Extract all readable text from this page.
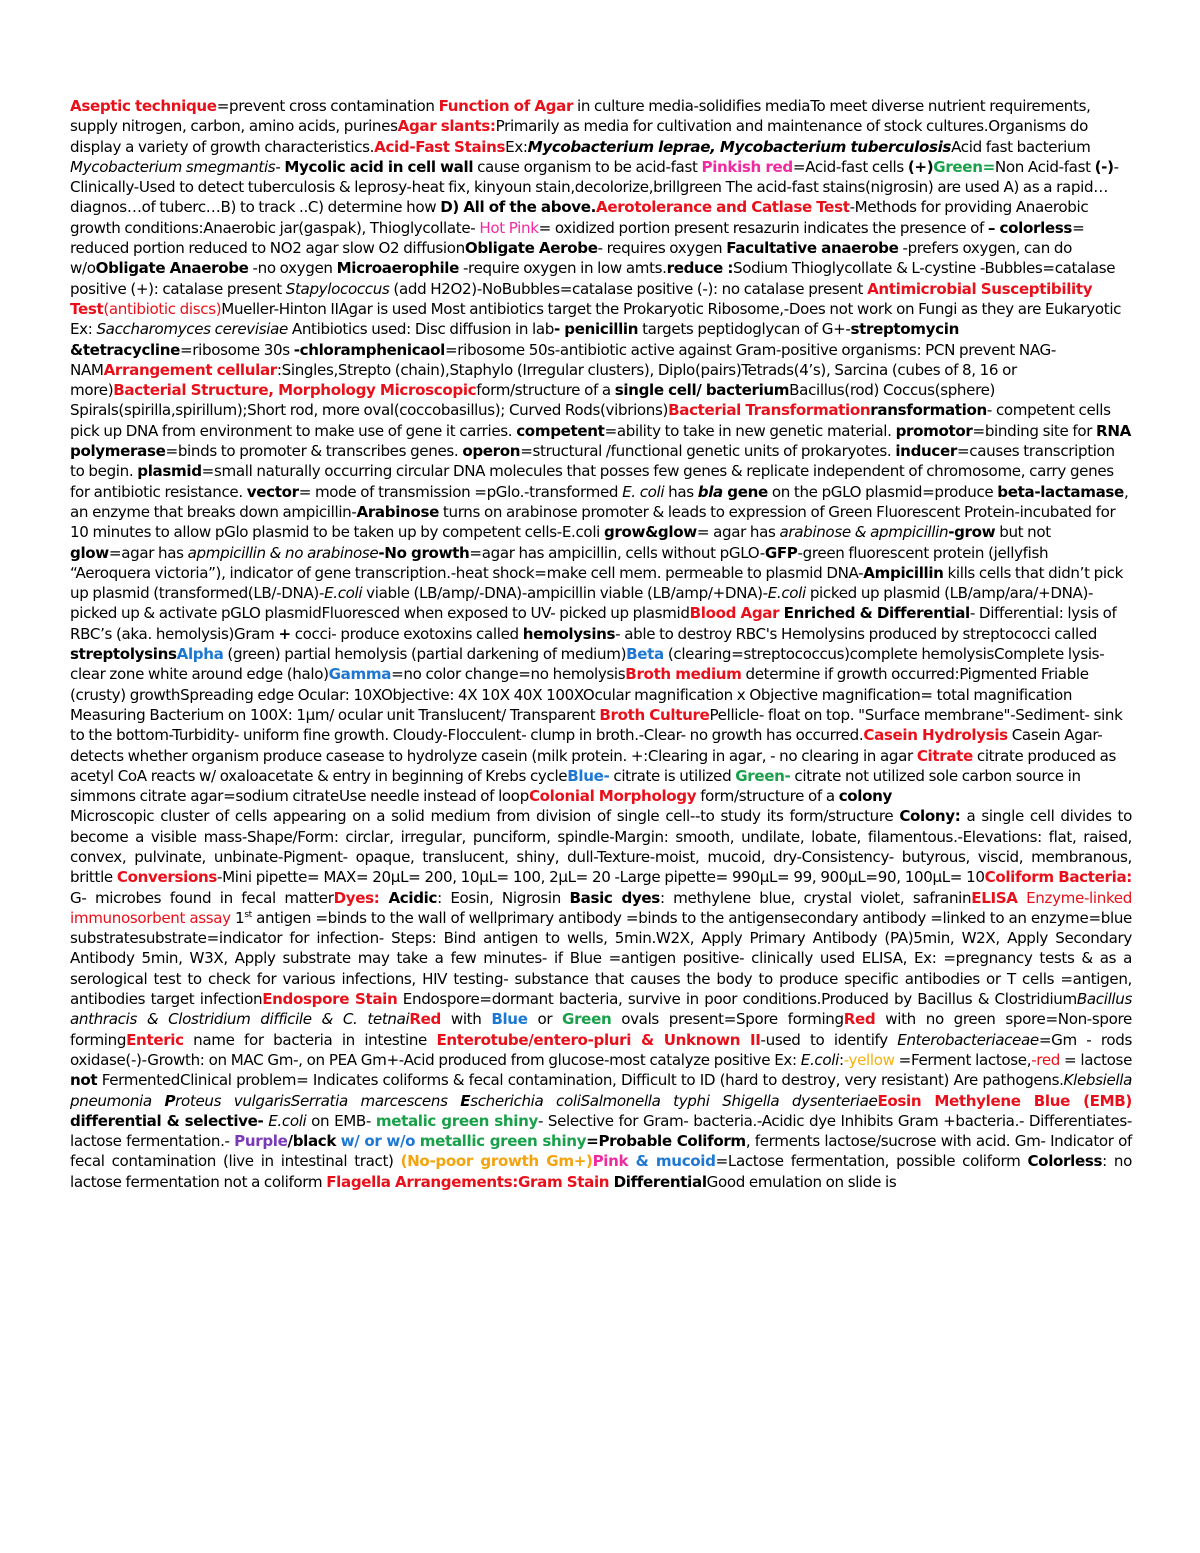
Aseptic technique=prevent cross contamination Function of Agar in culture media-solidifies mediaTo meet diverse nutrient requirements, supply nitrogen, carbon, amino acids, purinesAgar slants:Primarily as media for cultivation and maintenance of stock cultures.Organisms do display a variety of growth characteristics.Acid-Fast StainsEx:Mycobacterium leprae, Mycobacterium tuberculosisAcid fast bacterium Mycobacterium smegmantis- Mycolic acid in cell wall cause organism to be acid-fast Pinkish red=Acid-fast cells (+)Green=Non Acid-fast (-)-Clinically-Used to detect tuberculosis & leprosy-heat fix, kinyoun stain,decolorize,brillgreen The acid-fast stains(nigrosin) are used A) as a rapid… diagnos…of tuberc…B) to track ..C) determine how D) All of the above.Aerotolerance and Catlase Test-Methods for providing Anaerobic growth conditions:Anaerobic jar(gaspak), Thioglycollate- Hot Pink= oxidized portion present resazurin indicates the presence of – colorless= reduced portion reduced to NO2 agar slow O2 diffusionObligate Aerobe- requires oxygen Facultative anaerobe -prefers oxygen, can do w/oObligate Anaerobe -no oxygen Microaerophile -require oxygen in low amts.reduce :Sodium Thioglycollate & L-cystine -Bubbles=catalase positive (+): catalase present Stapylococcus (add H2O2)-NoBubbles=catalase positive (-): no catalase present Antimicrobial Susceptibility Test(antibiotic discs)Mueller-Hinton IIAgar is used Most antibiotics target the Prokaryotic Ribosome,-Does not work on Fungi as they are Eukaryotic Ex: Saccharomyces cerevisiae Antibiotics used: Disc diffusion in lab- penicillin targets peptidoglycan of G+-streptomycin &tetracycline=ribosome 30s -chloramphenicaol=ribosome 50s-antibiotic active against Gram-positive organisms: PCN prevent NAG-NAMArrangement cellular:Singles,Strepto (chain),Staphylo (Irregular clusters), Diplo(pairs)Tetrads(4’s), Sarcina (cubes of 8, 16 or more)Bacterial Structure, Morphology Microscopicform/structure of a single cell/ bacteriumBacillus(rod) Coccus(sphere) Spirals(spirilla,spirillum);Short rod, more oval(coccobasillus); Curved Rods(vibrions)Bacterial Transformationransformation- competent cells pick up DNA from environment to make use of gene it carries. competent=ability to take in new genetic material. promotor=binding site for RNA polymerase=binds to promoter & transcribes genes. operon=structural /functional genetic units of prokaryotes. inducer=causes transcription to begin. plasmid=small naturally occurring circular DNA molecules that posses few genes & replicate independent of chromosome, carry genes for antibiotic resistance. vector= mode of transmission =pGlo.-transformed E. coli has bla gene on the pGLO plasmid=produce beta-lactamase, an enzyme that breaks down ampicillin-Arabinose turns on arabinose promoter & leads to expression of Green Fluorescent Protein-incubated for 10 minutes to allow pGlo plasmid to be taken up by competent cells-E.coli grow&glow= agar has arabinose & apmpicillin-grow but not glow=agar has apmpicillin & no arabinose-No growth=agar has ampicillin, cells without pGLO-GFP-green fluorescent protein (jellyfish “Aeroquera victoria”), indicator of gene transcription.-heat shock=make cell mem. permeable to plasmid DNA-Ampicillin kills cells that didn’t pick up plasmid (transformed(LB/-DNA)-E.coli viable (LB/amp/-DNA)-ampicillin viable (LB/amp/+DNA)-E.coli picked up plasmid (LB/amp/ara/+DNA)-picked up & activate pGLO plasmidFluoresced when exposed to UV- picked up plasmidBlood Agar Enriched & Differential- Differential: lysis of RBC’s (aka. hemolysis)Gram + cocci- produce exotoxins called hemolysins- able to destroy RBC's Hemolysins produced by streptococci called streptolysinsAlpha (green) partial hemolysis (partial darkening of medium)Beta (clearing=streptococcus)complete hemolysisComplete lysis-clear zone white around edge (halo)Gamma=no color change=no hemolysisBroth medium determine if growth occurred:Pigmented Friable (crusty) growthSpreading edge Ocular: 10XObjective: 4X 10X 40X 100XOcular magnification x Objective magnification= total magnification Measuring Bacterium on 100X: 1μm/ ocular unit Translucent/ Transparent Broth CulturePellicle- float on top. "Surface membrane"-Sediment- sink to the bottom-Turbidity- uniform fine growth. Cloudy-Flocculent- clump in broth.-Clear- no growth has occurred.Casein Hydrolysis Casein Agar- detects whether organism produce casease to hydrolyze casein (milk protein. +:Clearing in agar, - no clearing in agar Citrate citrate produced as acetyl CoA reacts w/ oxaloacetate & entry in beginning of Krebs cycleBlue- citrate is utilized Green- citrate not utilized sole carbon source in simmons citrate agar=sodium citrateUse needle instead of loopColonial Morphology form/structure of a colony
Microscopic cluster of cells appearing on a solid medium from division of single cell--to study its form/structure Colony: a single cell divides to become a visible mass-Shape/Form: circlar, irregular, punciform, spindle-Margin: smooth, undilate, lobate, filamentous.-Elevations: flat, raised, convex, pulvinate, unbinate-Pigment- opaque, translucent, shiny, dull-Texture-moist, mucoid, dry-Consistency- butyrous, viscid, membranous, brittle Conversions-Mini pipette= MAX= 20μL= 200, 10μL= 100, 2μL= 20 -Large pipette= 990μL= 99, 900μL=90, 100μL= 10Coliform Bacteria: G- microbes found in fecal matterDyes: Acidic: Eosin, Nigrosin Basic dyes: methylene blue, crystal violet, safraninELISA Enzyme-linked immunosorbent assay 1st antigen =binds to the wall of wellprimary antibody =binds to the antigensecondary antibody =linked to an enzyme=blue substratesubstrate=indicator for infection- Steps: Bind antigen to wells, 5min.W2X, Apply Primary Antibody (PA)5min, W2X, Apply Secondary Antibody 5min, W3X, Apply substrate may take a few minutes- if Blue =antigen positive- clinically used ELISA, Ex: =pregnancy tests & as a serological test to check for various infections, HIV testing- substance that causes the body to produce specific antibodies or T cells =antigen, antibodies target infectionEndospore Stain Endospore=dormant bacteria, survive in poor conditions.Produced by Bacillus & ClostridiumBacillus anthracis & Clostridium difficile & C. tetnaiRed with Blue or Green ovals present=Spore formingRed with no green spore=Non-spore formingEnteric name for bacteria in intestine Enterotube/entero-pluri & Unknown II-used to identify Enterobacteriaceae=Gm - rods oxidase(-)-Growth: on MAC Gm-, on PEA Gm+-Acid produced from glucose-most catalyze positive Ex: E.coli:-yellow =Ferment lactose,-red = lactose not FermentedClinical problem= Indicates coliforms & fecal contamination, Difficult to ID (hard to destroy, very resistant) Are pathogens.Klebsiella pneumonia Proteus vulgarisSerratia marcescens Escherichia coliSalmonella typhi Shigella dysenteriaeEosin Methylene Blue (EMB) differential & selective- E.coli on EMB- metalic green shiny- Selective for Gram- bacteria.-Acidic dye Inhibits Gram +bacteria.- Differentiates- lactose fermentation.- Purple/black w/ or w/o metallic green shiny=Probable Coliform, ferments lactose/sucrose with acid. Gm- Indicator of fecal contamination (live in intestinal tract) (No-poor growth Gm+)Pink & mucoid=Lactose fermentation, possible coliform Colorless: no lactose fermentation not a coliform Flagella Arrangements:Gram Stain DifferentialGood emulation on slide is
